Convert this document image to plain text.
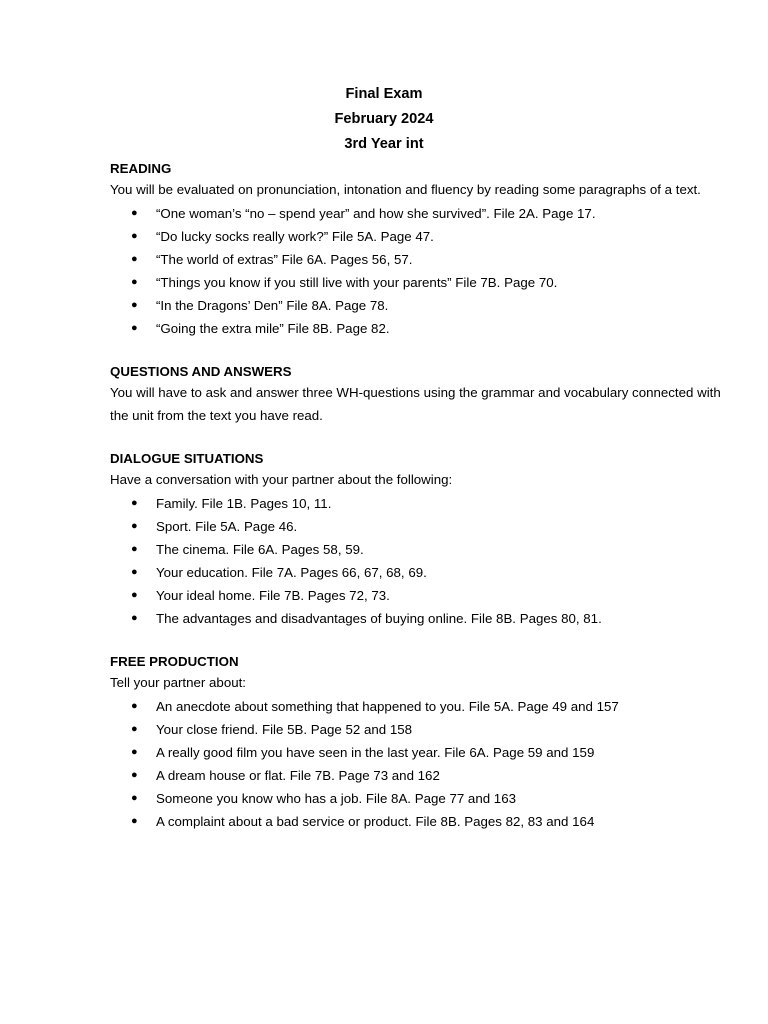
Final Exam
February 2024
3rd Year int
READING
You will be evaluated on pronunciation, intonation and fluency by reading some paragraphs of a text.
● “One woman’s “no – spend year” and how she survived”. File 2A. Page 17.
● “Do lucky socks really work?” File 5A. Page 47.
● “The world of extras” File 6A. Pages 56, 57.
● “Things you know if you still live with your parents” File 7B. Page 70.
● “In the Dragons’ Den” File 8A. Page 78.
● “Going the extra mile” File 8B. Page 82.
QUESTIONS AND ANSWERS
You will have to ask and answer three WH-questions using the grammar and vocabulary connected with the unit from the text you have read.
DIALOGUE SITUATIONS
Have a conversation with your partner about the following:
● Family. File 1B. Pages 10, 11.
● Sport. File 5A. Page 46.
● The cinema. File 6A. Pages 58, 59.
● Your education. File 7A. Pages 66, 67, 68, 69.
● Your ideal home. File 7B. Pages 72, 73.
● The advantages and disadvantages of buying online. File 8B. Pages 80, 81.
FREE PRODUCTION
Tell your partner about:
● An anecdote about something that happened to you. File 5A. Page 49 and 157
● Your close friend. File 5B. Page 52 and 158
● A really good film you have seen in the last year. File 6A. Page 59 and 159
● A dream house or flat. File 7B. Page 73 and 162
● Someone you know who has a job. File 8A. Page 77 and 163
● A complaint about a bad service or product. File 8B. Pages 82, 83 and 164
